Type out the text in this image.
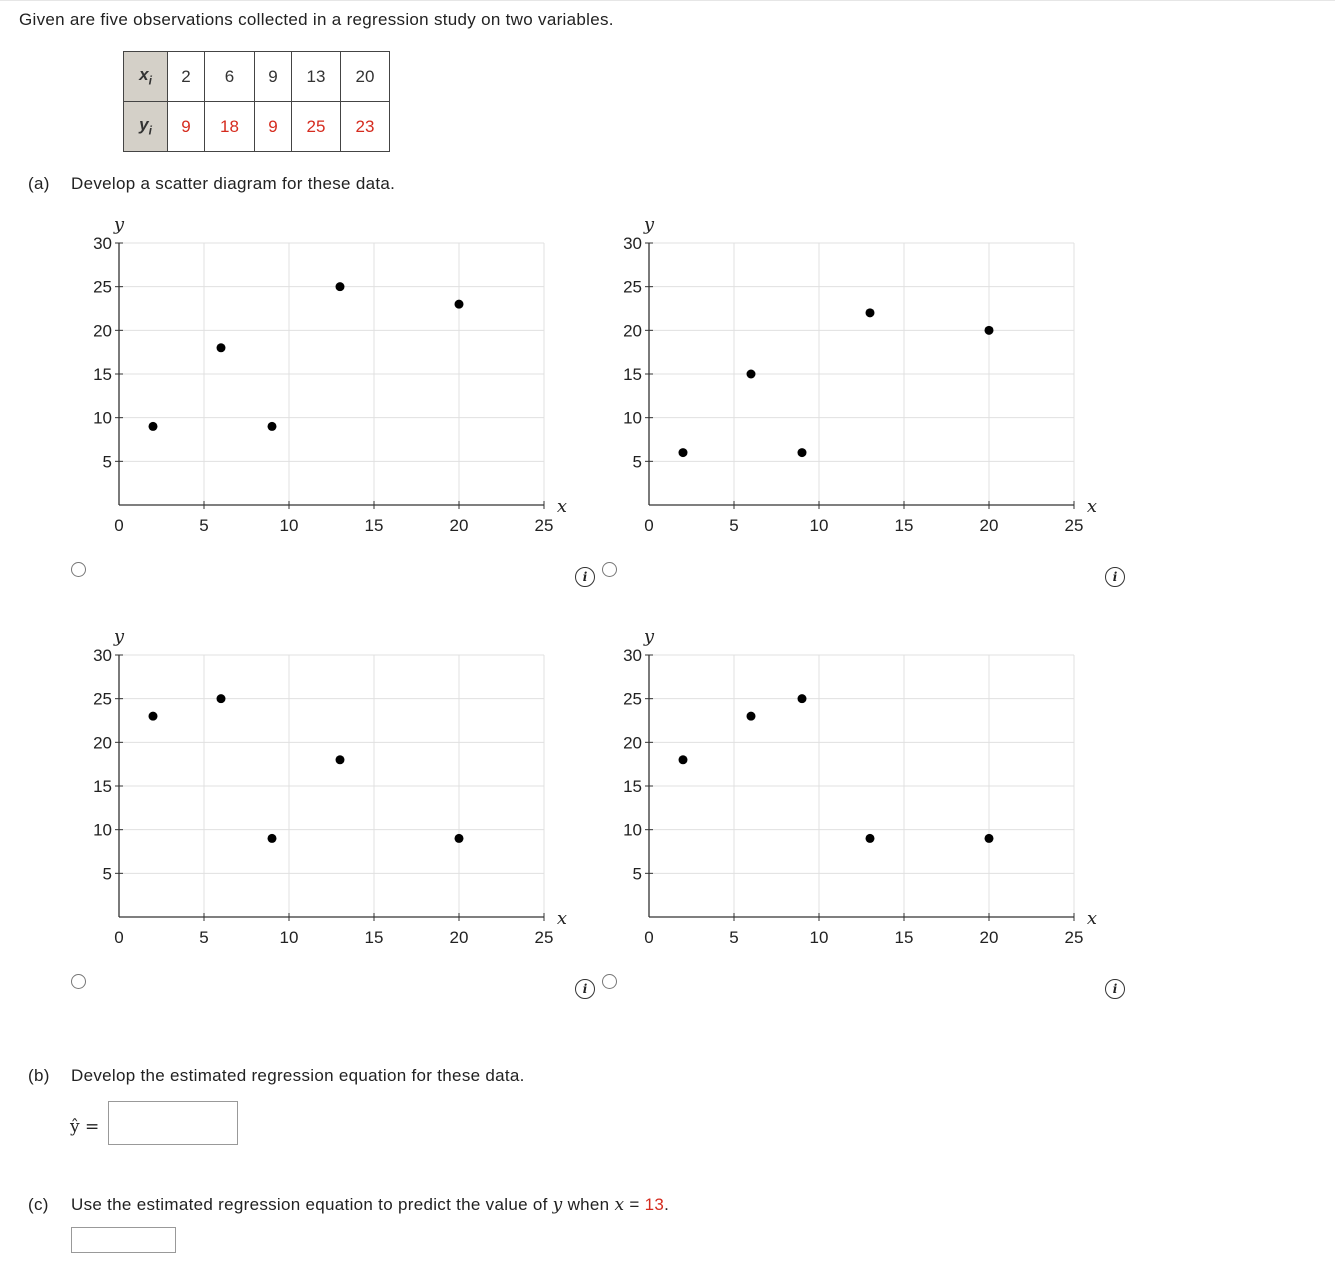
Given are five observations collected in a regression study on two variables.
$x_i$	2	6	9	13	20
$y_i$	9	18	9	25	23
(a) Develop a scatter diagram for these data.
5
10
15
20
25
30
0	5	10	15	20	25
y
x
5
10
15
20
25
30
0	5	10	15	20	25
y
x
5
10
15
20
25
30
0	5	10	15	20	25
y
x
5
10
15
20
25
30
0	5	10	15	20	25
y
x
i	i
i	i
(b) Develop the estimated regression equation for these data.
ŷ =
(c) Use the estimated regression equation to predict the value of y when x = 13.
